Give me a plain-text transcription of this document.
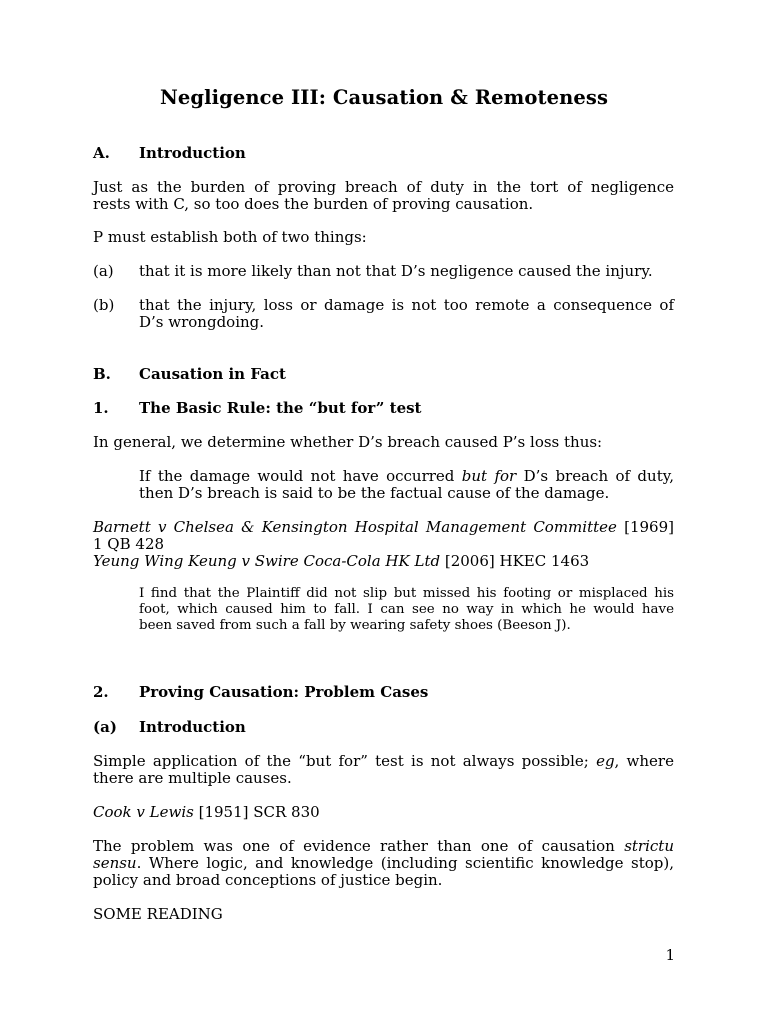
Negligence III: Causation & Remoteness
A. Introduction
Just as the burden of proving breach of duty in the tort of negligence
rests with C, so too does the burden of proving causation.
P must establish both of two things:
(a) that it is more likely than not that D’s negligence caused the injury.
(b) that the injury, loss or damage is not too remote a consequence of
D’s wrongdoing.
B. Causation in Fact
1. The Basic Rule: the “but for” test
In general, we determine whether D’s breach caused P’s loss thus:
If the damage would not have occurred but for D’s breach of duty,
then D’s breach is said to be the factual cause of the damage.
Barnett v Chelsea & Kensington Hospital Management Committee [1969]
1 QB 428
Yeung Wing Keung v Swire Coca-Cola HK Ltd [2006] HKEC 1463
I find that the Plaintiff did not slip but missed his footing or misplaced his
foot, which caused him to fall. I can see no way in which he would have
been saved from such a fall by wearing safety shoes (Beeson J).
2. Proving Causation: Problem Cases
(a) Introduction
Simple application of the “but for” test is not always possible; eg, where
there are multiple causes.
Cook v Lewis [1951] SCR 830
The problem was one of evidence rather than one of causation strictu
sensu. Where logic, and knowledge (including scientific knowledge stop),
policy and broad conceptions of justice begin.
SOME READING
1
